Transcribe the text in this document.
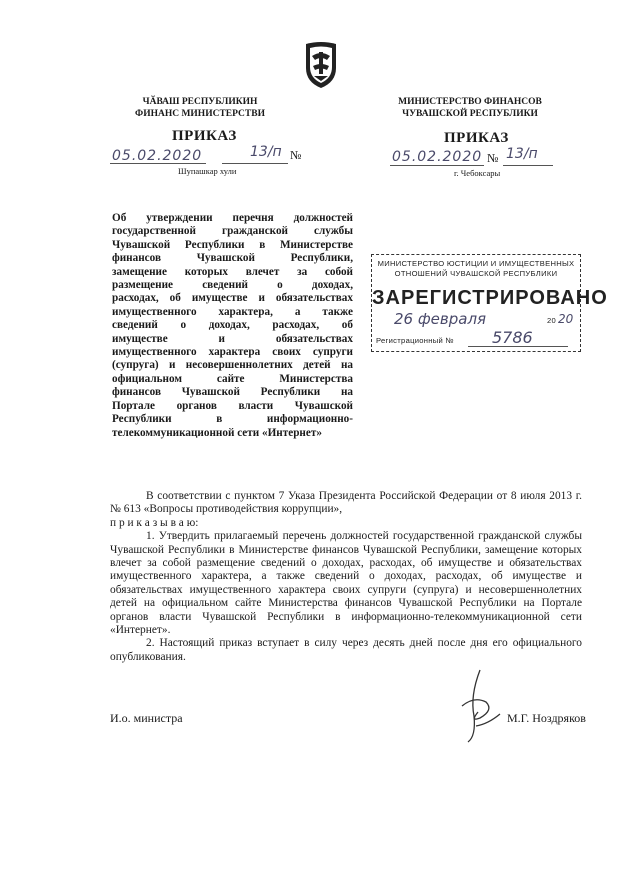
ЧӐВАШ РЕСПУБЛИКИН
ФИНАНС МИНИСТЕРСТВИ
МИНИСТЕРСТВО ФИНАНСОВ
ЧУВАШСКОЙ РЕСПУБЛИКИ
ПРИКАЗ
05.02.2020	13/п №
Шупашкар хули
ПРИКАЗ
05.02.2020 № 13/п
г. Чебоксары
Об утверждении перечня должностей
государственной гражданской службы
Чувашской Республики в Министерстве
финансов Чувашской Республики,
замещение которых влечет за собой
размещение сведений о доходах,
расходах, об имуществе и обязательствах
имущественного характера, а также
сведений о доходах, расходах, об
имуществе и обязательствах
имущественного характера своих супруги
(супруга) и несовершеннолетних детей на
официальном сайте Министерства
финансов Чувашской Республики на
Портале органов власти Чувашской
Республики в информационно-
телекоммуникационной сети «Интернет»
МИНИСТЕРСТВО ЮСТИЦИИ И ИМУЩЕСТВЕННЫХ
ОТНОШЕНИЙ ЧУВАШСКОЙ РЕСПУБЛИКИ
ЗАРЕГИСТРИРОВАНО
26 февраля	20 20
Регистрационный № 5786

В соответствии с пунктом 7 Указа Президента Российской Федерации от 8 июля 2013 г. № 613 «Вопросы противодействия коррупции»,

п р и к а з ы в а ю:

1. Утвердить прилагаемый перечень должностей государственной гражданской службы Чувашской Республики в Министерстве финансов Чувашской Республики, замещение которых влечет за собой размещение сведений о доходах, расходах, об имуществе и обязательствах имущественного характера, а также сведений о доходах, расходах, об имуществе и обязательствах имущественного характера своих супруги (супруга) и несовершеннолетних детей на официальном сайте Министерства финансов Чувашской Республики на Портале органов власти Чувашской Республики в информационно-телекоммуникационной сети «Интернет».

2. Настоящий приказ вступает в силу через десять дней после дня его официального опубликования.

И.о. министра	М.Г. Ноздряков
